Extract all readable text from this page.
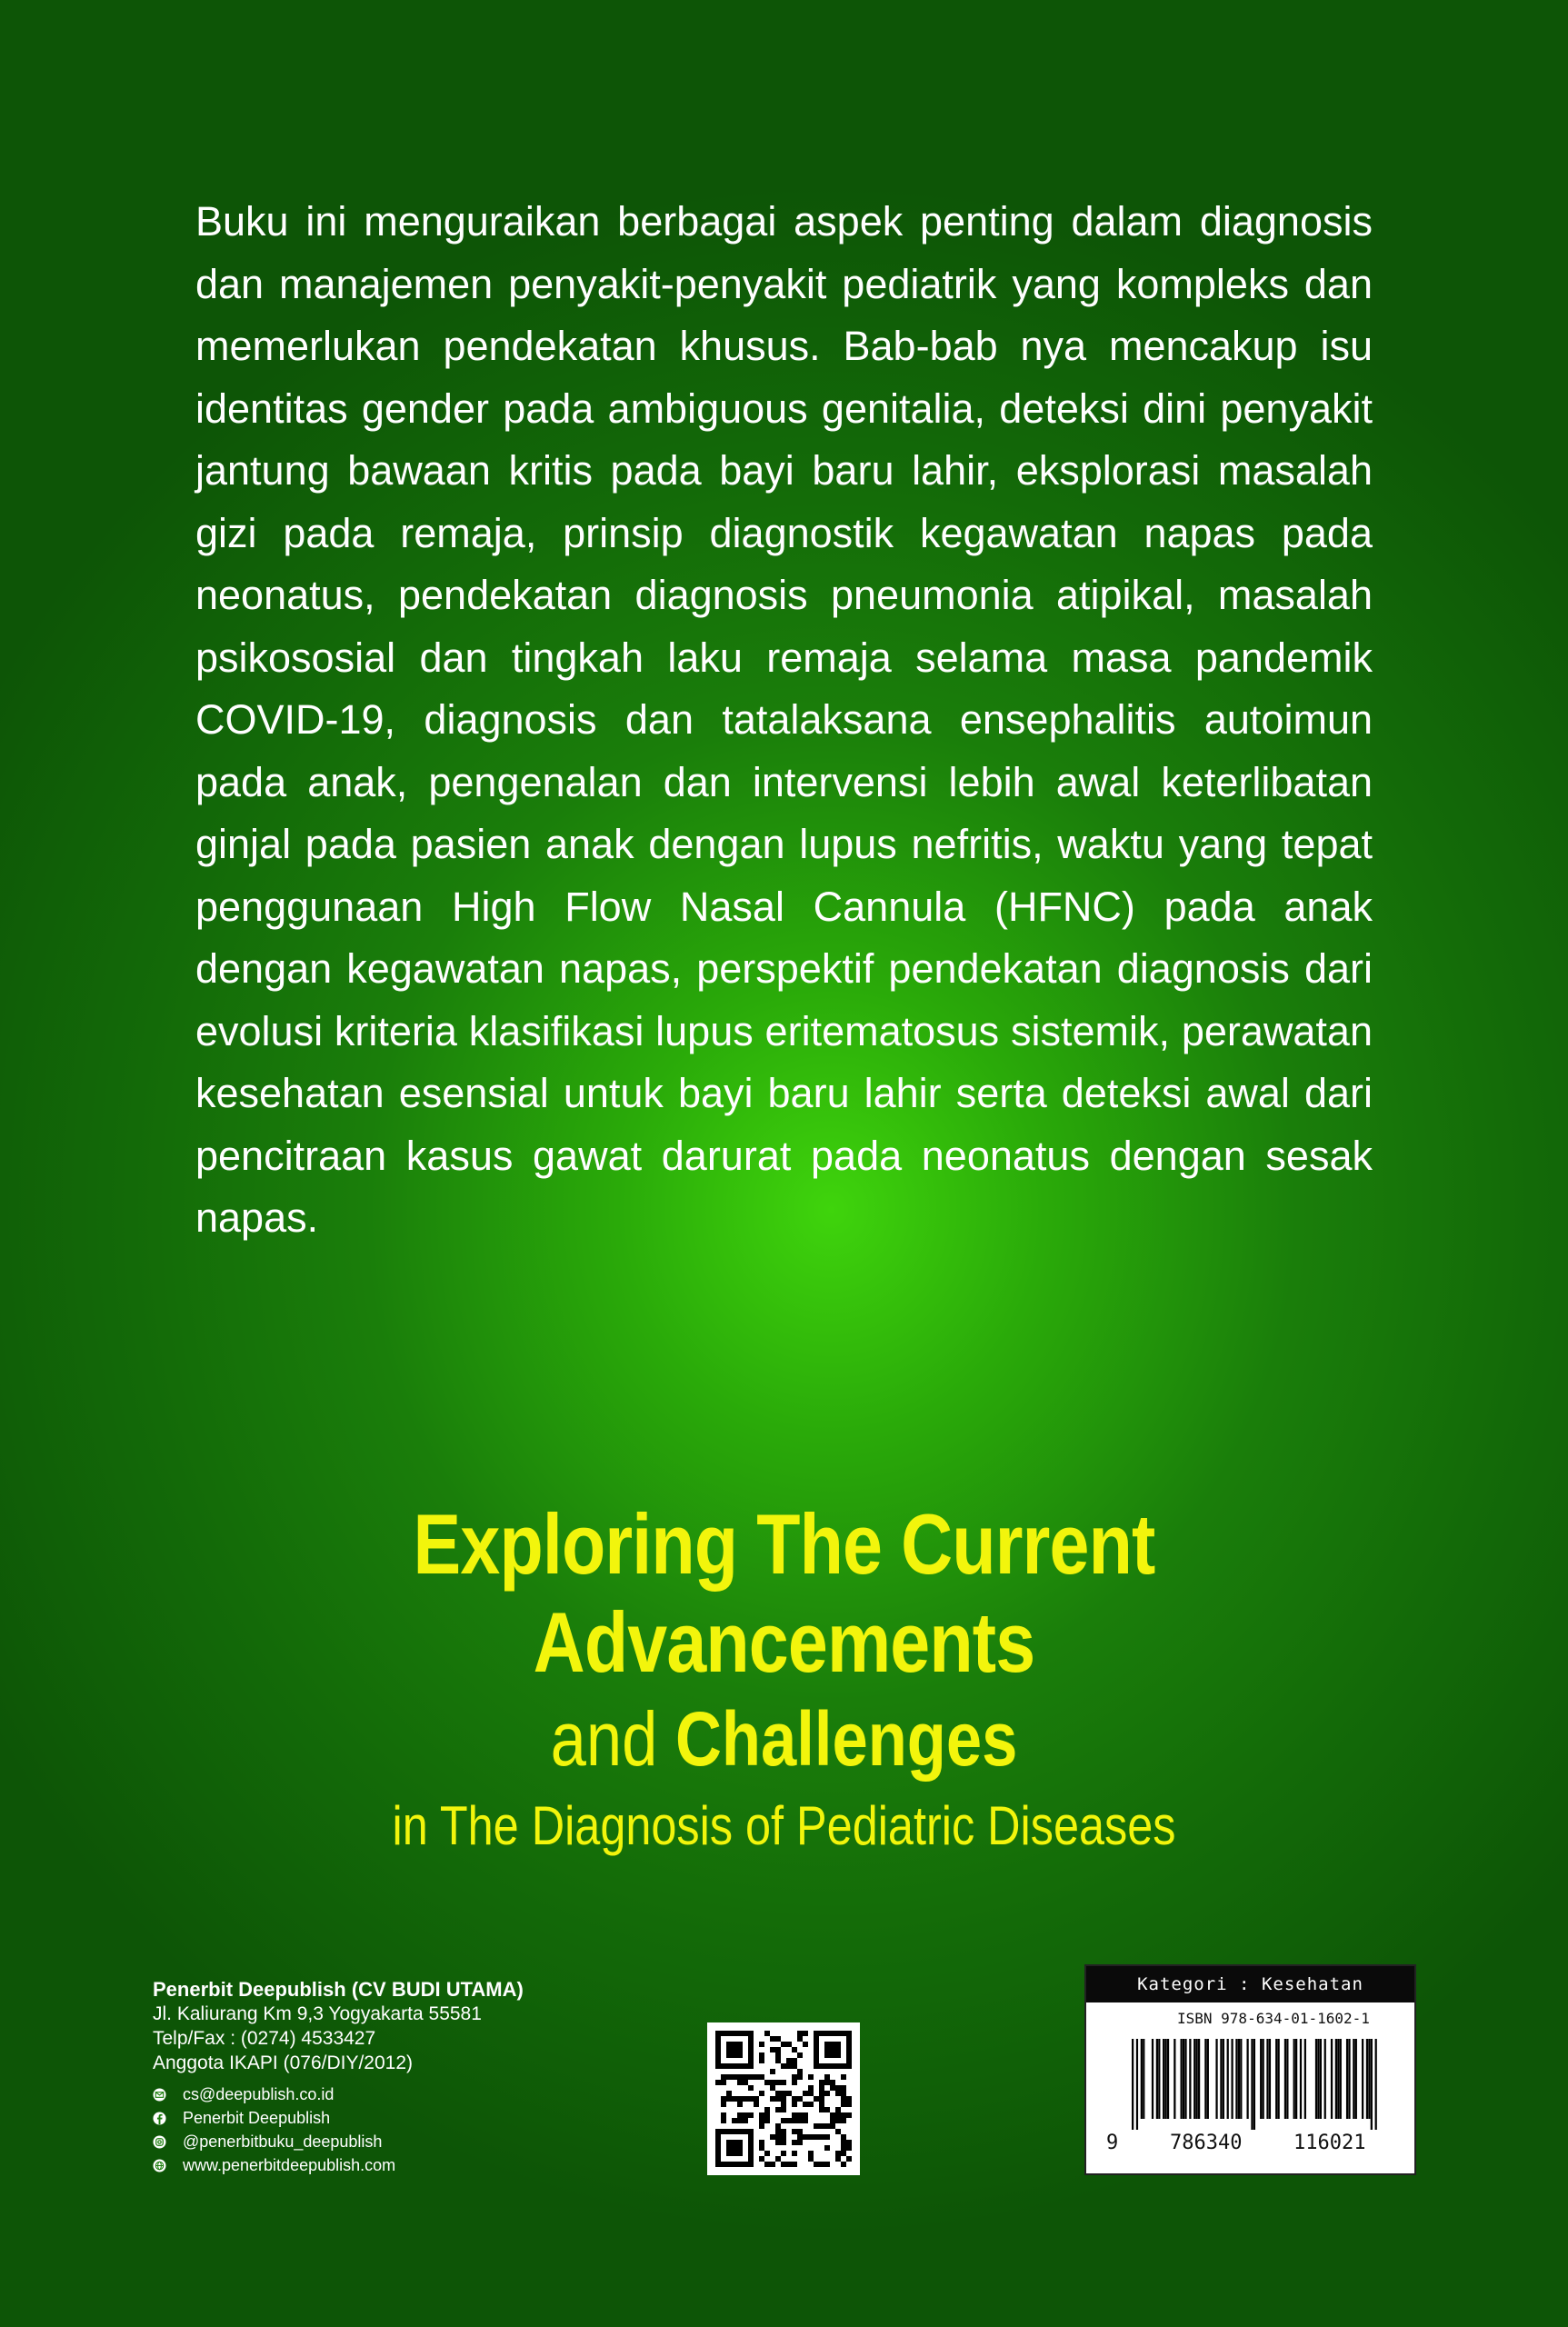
Buku ini menguraikan berbagai aspek penting dalam diagnosis dan manajemen penyakit-penyakit pediatrik yang kompleks dan memerlukan pendekatan khusus. Bab-bab nya mencakup isu identitas gender pada ambiguous genitalia, deteksi dini penyakit jantung bawaan kritis pada bayi baru lahir, eksplorasi masalah gizi pada remaja, prinsip diagnostik kegawatan napas pada neonatus, pendekatan diagnosis pneumonia atipikal, masalah psikososial dan tingkah laku remaja selama masa pandemik COVID-19, diagnosis dan tatalaksana ensephalitis autoimun pada anak, pengenalan dan intervensi lebih awal keterlibatan ginjal pada pasien anak dengan lupus nefritis, waktu yang tepat penggunaan High Flow Nasal Cannula (HFNC) pada anak dengan kegawatan napas, perspektif pendekatan diagnosis dari evolusi kriteria klasifikasi lupus eritematosus sistemik, perawatan kesehatan esensial untuk bayi baru lahir serta deteksi awal dari pencitraan kasus gawat darurat pada neonatus dengan sesak napas.

Exploring The Current
Advancements
and Challenges
in The Diagnosis of Pediatric Diseases
Penerbit Deepublish (CV BUDI UTAMA)
Jl. Kaliurang Km 9,3 Yogyakarta 55581
Telp/Fax : (0274) 4533427
Anggota IKAPI (076/DIY/2012)
cs@deepublish.co.id
Penerbit Deepublish
@penerbitbuku_deepublish
www.penerbitdeepublish.com
Kategori : Kesehatan
ISBN 978-634-01-1602-1
9	786340	116021
